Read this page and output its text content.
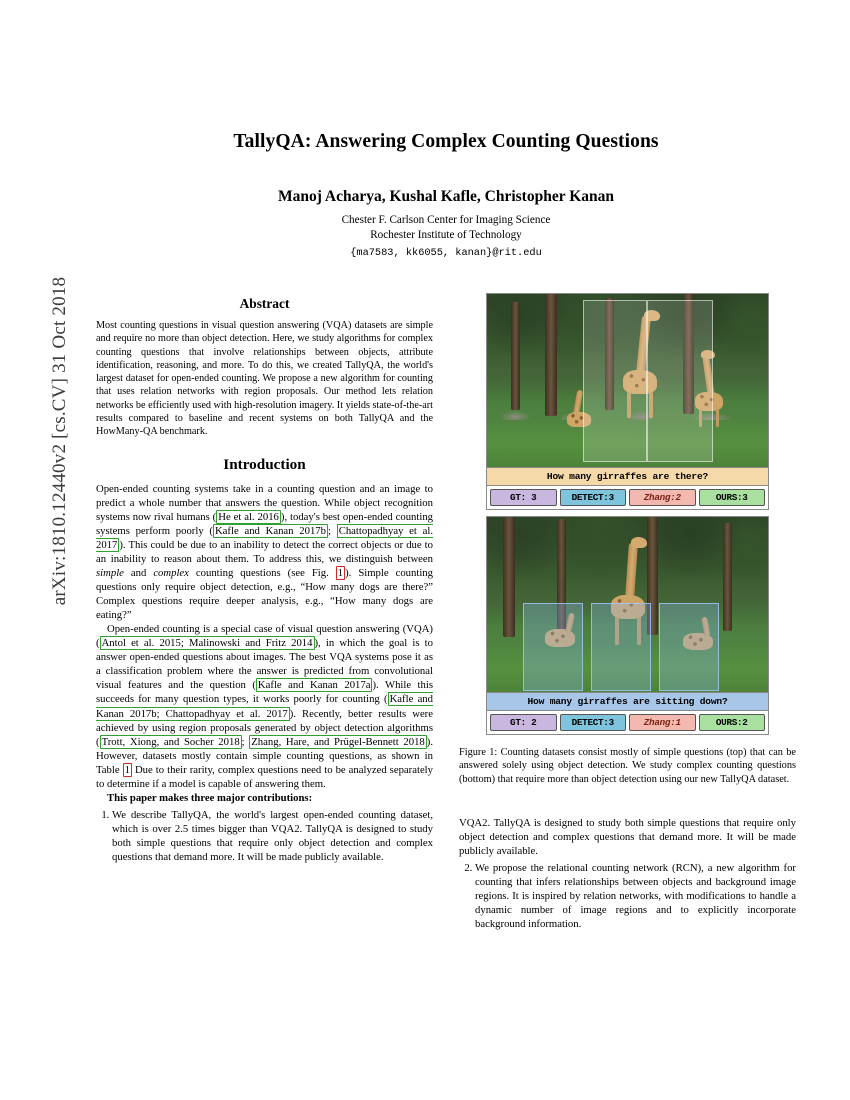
arXiv:1810.12440v2 [cs.CV] 31 Oct 2018
TallyQA: Answering Complex Counting Questions
Manoj Acharya, Kushal Kafle, Christopher Kanan
Chester F. Carlson Center for Imaging Science
Rochester Institute of Technology
{ma7583, kk6055, kanan}@rit.edu
Abstract

Most counting questions in visual question answering (VQA) datasets are simple and require no more than object detection. Here, we study algorithms for complex counting questions that involve relationships between objects, attribute identification, reasoning, and more. To do this, we created TallyQA, the world's largest dataset for open-ended counting. We propose a new algorithm for counting that uses relation networks with region proposals. Our method lets relation networks be efficiently used with high-resolution imagery. It yields state-of-the-art results compared to baseline and recent systems on both TallyQA and the HowMany-QA benchmark.

Introduction

Open-ended counting systems take in a counting question and an image to predict a whole number that answers the question. While object recognition systems now rival humans ( He et al. 2016 ), today's best open-ended counting systems perform poorly ( Kafle and Kanan 2017b ; Chattopadhyay et al. 2017 ). This could be due to an inability to detect the correct objects or due to an inability to reason about them. To address this, we distinguish between simple and complex counting questions (see Fig. 1 ). Simple counting questions only require object detection, e.g., “How many dogs are there?” Complex questions require deeper analysis, e.g., “How many dogs are eating?”

Open-ended counting is a special case of visual question answering (VQA) ( Antol et al. 2015; Malinowski and Fritz 2014 ), in which the goal is to answer open-ended questions about images. The best VQA systems pose it as a classification problem where the answer is predicted from convolutional visual features and the question ( Kafle and Kanan 2017a ). While this succeeds for many question types, it works poorly for counting ( Kafle and Kanan 2017b; Chattopadhyay et al. 2017 ). Recently, better results were achieved by using region proposals generated by object detection algorithms ( Trott, Xiong, and Socher 2018 ; Zhang, Hare, and Prügel-Bennett 2018 ). However, datasets mostly contain simple counting questions, as shown in Table 1 Due to their rarity, complex questions need to be analyzed separately to determine if a model is capable of answering them.

This paper makes three major contributions:

1. We describe TallyQA, the world's largest open-ended counting dataset, which is over 2.5 times bigger than VQA2. TallyQA is designed to study both simple questions that require only object detection and complex questions that demand more. It will be made publicly available.
How many girraffes are there?
GT: 3	DETECT:3	Zhang:2	OURS:3
How many girraffes are sitting down?
GT: 2	DETECT:3	Zhang:1	OURS:2
Figure 1: Counting datasets consist mostly of simple questions (top) that can be answered solely using object detection. We study complex counting questions (bottom) that require more than object detection using our new TallyQA dataset.

VQA2. TallyQA is designed to study both simple questions that require only object detection and complex questions that demand more. It will be made publicly available.

2. We propose the relational counting network (RCN), a new algorithm for counting that infers relationships between objects and background image regions. It is inspired by relation networks, with modifications to handle a dynamic number of image regions and to explicitly incorporate background information.
